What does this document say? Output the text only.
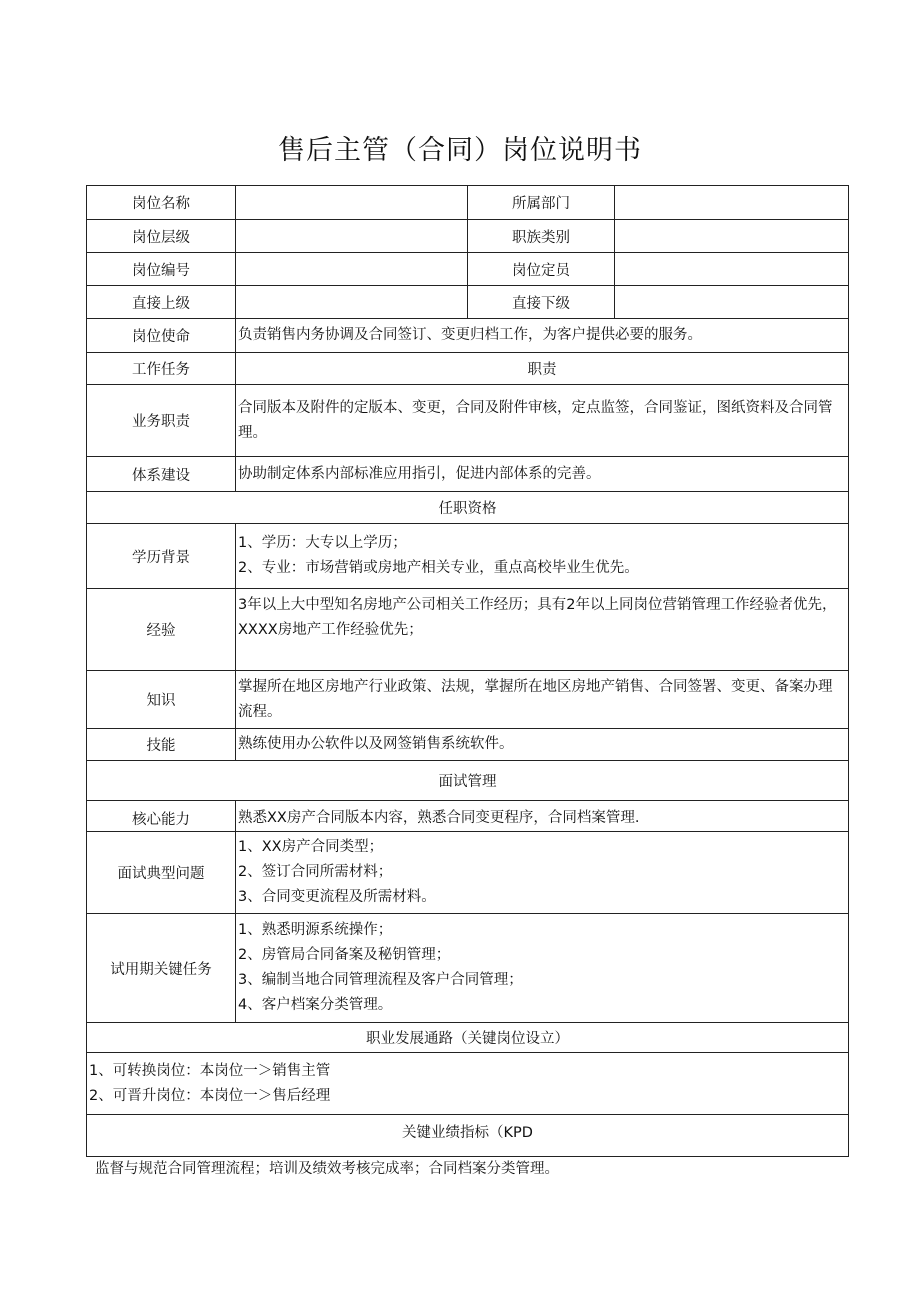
售后主管（合同）岗位说明书
岗位名称		所属部门	
岗位层级		职族类别	
岗位编号		岗位定员	
直接上级		直接下级	
岗位使命	负责销售内务协调及合同签订、变更归档工作，为客户提供必要的服务。		
工作任务	职责		
业务职责	合同版本及附件的定版本、变更，合同及附件审核，定点监签，合同鉴证，图纸资料及合同管理。		
体系建设	协助制定体系内部标准应用指引，促进内部体系的完善。		
任职资格			
学历背景	1、学历：大专以上学历；
2、专业：市场营销或房地产相关专业，重点高校毕业生优先。		

经验	3年以上大中型知名房地产公司相关工作经历；具有2年以上同岗位营销管理工作经验者优先，XXXX房地产工作经验优先；		
知识	掌握所在地区房地产行业政策、法规，掌握所在地区房地产销售、合同签署、变更、备案办理流程。		
技能	熟练使用办公软件以及网签销售系统软件。		
面试管理			
核心能力	熟悉XX房产合同版本内容，熟悉合同变更程序，合同档案管理.		
面试典型问题	1、XX房产合同类型；
2、签订合同所需材料；
3、合同变更流程及所需材料。		

试用期关键任务	1、熟悉明源系统操作；
2、房管局合同备案及秘钥管理；
3、编制当地合同管理流程及客户合同管理；
4、客户档案分类管理。		

职业发展通路（关键岗位设立）			

1、可转换岗位：本岗位一＞销售主管
2、可晋升岗位：本岗位一＞售后经理			

关键业绩指标（KPD			
监督与规范合同管理流程；培训及绩效考核完成率；合同档案分类管理。
